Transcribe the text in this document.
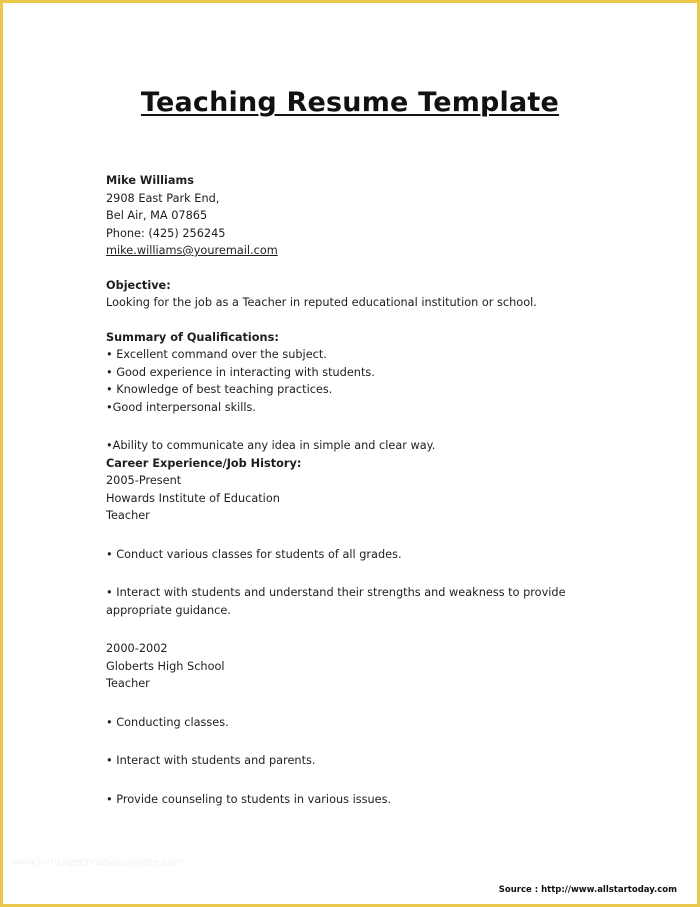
Teaching Resume Template

Mike Williams

2908 East Park End,

Bel Air, MA 07865

Phone: (425) 256245

mike.williams@youremail.com

Objective:

Looking for the job as a Teacher in reputed educational institution or school.

Summary of Qualifications:

• Excellent command over the subject.

• Good experience in interacting with students.

• Knowledge of best teaching practices.

•Good interpersonal skills.

•Ability to communicate any idea in simple and clear way.

Career Experience/Job History:

2005-Present

Howards Institute of Education

Teacher

• Conduct various classes for students of all grades.

• Interact with students and understand their strengths and weakness to provide

appropriate guidance.

2000-2002

Globerts High School

Teacher

• Conducting classes.

• Interact with students and parents.

• Provide counseling to students in various issues.

www.heritagechristiancollege.com
Source : http://www.allstartoday.com
